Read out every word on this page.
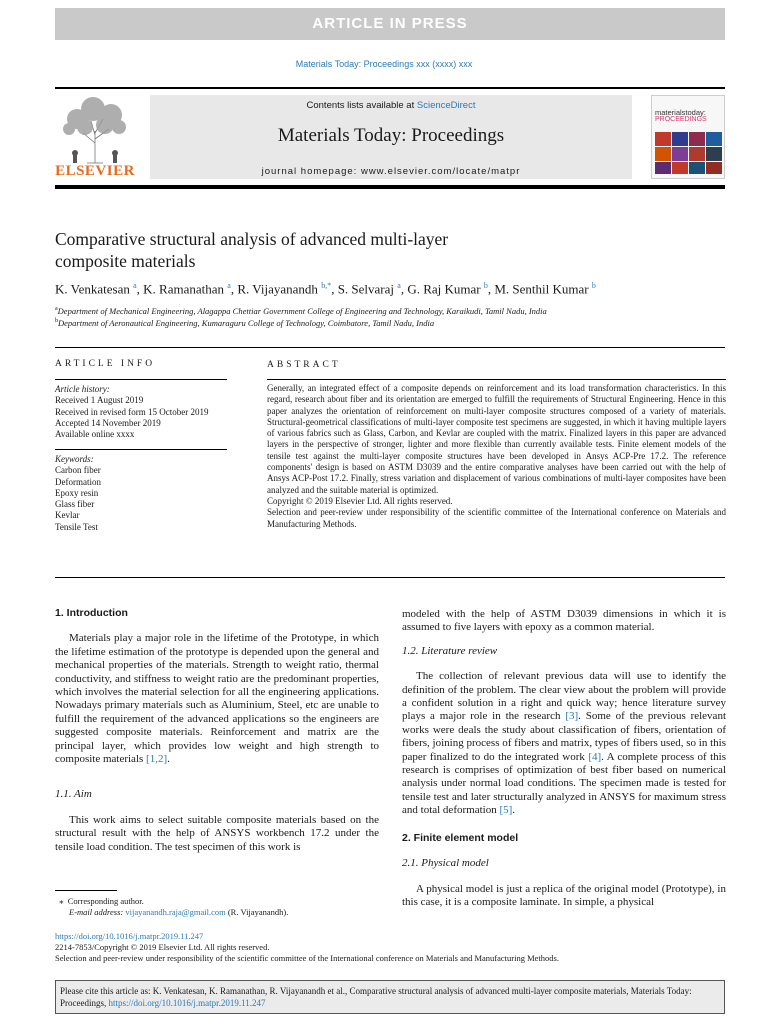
ARTICLE IN PRESS
Materials Today: Proceedings xxx (xxxx) xxx
ELSEVIER
Contents lists available at ScienceDirect
Materials Today: Proceedings
journal homepage: www.elsevier.com/locate/matpr
materialstoday:
PROCEEDINGS
Comparative structural analysis of advanced multi-layer
composite materials
K. Venkatesan $^a$, K. Ramanathan $^a$, R. Vijayanandh $^{b,*}$, S. Selvaraj $^a$, G. Raj Kumar $^b$, M. Senthil Kumar $^b$
$^a$Department of Mechanical Engineering, Alagappa Chettiar Government College of Engineering and Technology, Karaikudi, Tamil Nadu, India
$^b$Department of Aeronautical Engineering, Kumaraguru College of Technology, Coimbatore, Tamil Nadu, India
ARTICLE INFO	ABSTRACT
Article history:
Received 1 August 2019
Received in revised form 15 October 2019
Accepted 14 November 2019
Available online xxxx
Keywords:
Carbon fiber
Deformation
Epoxy resin
Glass fiber
Kevlar
Tensile Test

Generally, an integrated effect of a composite depends on reinforcement and its load transformation characteristics. In this regard, research about fiber and its orientation are emerged to fulfill the requirements of Structural Engineering. Hence in this paper analyzes the orientation of reinforcement on multi-layer composite structures composed of a variety of materials. Structural-geometrical classifications of multi-layer composite test specimens are suggested, in which it having multiple layers of various fabrics such as Glass, Carbon, and Kevlar are coupled with the matrix. Finalized layers in this paper are advanced layers in the perspective of stronger, lighter and more flexible than currently available tests. Finite element models of the tensile test against the multi-layer composite structures have been developed in Ansys ACP-Pre 17.2. The reference components' design is based on ASTM D3039 and the entire comparative analyses have been carried out with the help of Ansys ACP-Post 17.2. Finally, stress variation and displacement of various combinations of multi-layer composites have been analyzed and the suitable material is optimized.

Copyright © 2019 Elsevier Ltd. All rights reserved.

Selection and peer-review under responsibility of the scientific committee of the International conference on Materials and Manufacturing Methods.

1. Introduction

Materials play a major role in the lifetime of the Prototype, in which the lifetime estimation of the prototype is depended upon the general and mechanical properties of the materials. Strength to weight ratio, thermal conductivity, and stiffness to weight ratio are the predominant properties, which involves the material selection for all the engineering applications. Nowadays primary materials such as Aluminium, Steel, etc are unable to fulfill the requirement of the advanced applications so the engineers are suggested composite materials. Reinforcement and matrix are the principal layer, which provides low weight and high strength to composite materials [1,2].

1.1. Aim

This work aims to select suitable composite materials based on the structural result with the help of ANSYS workbench 17.2 under the tensile load condition. The test specimen of this work is

modeled with the help of ASTM D3039 dimensions in which it is assumed to five layers with epoxy as a common material.
1.2. Literature review

The collection of relevant previous data will use to identify the definition of the problem. The clear view about the problem will provide a confident solution in a right and quick way; hence literature survey plays a major role in the research [3]. Some of the previous relevant works were deals the study about classification of fibers, orientation of fibers, joining process of fibers and matrix, types of fibers used, so in this paper finalized to do the integrated work [4]. A complete process of this research is comprises of optimization of best fiber based on numerical analysis under normal load conditions. The specimen made is tested for tensile test and later structurally analyzed in ANSYS for maximum stress and total deformation [5].

2. Finite element model
2.1. Physical model

A physical model is just a replica of the original model (Prototype), in this case, it is a composite laminate. In simple, a physical

⁎  Corresponding author.
E-mail address: vijayanandh.raja@gmail.com (R. Vijayanandh).
https://doi.org/10.1016/j.matpr.2019.11.247
2214-7853/Copyright © 2019 Elsevier Ltd. All rights reserved.
Selection and peer-review under responsibility of the scientific committee of the International conference on Materials and Manufacturing Methods.
Please cite this article as: K. Venkatesan, K. Ramanathan, R. Vijayanandh et al., Comparative structural analysis of advanced multi-layer composite materials, Materials Today: Proceedings, https://doi.org/10.1016/j.matpr.2019.11.247
